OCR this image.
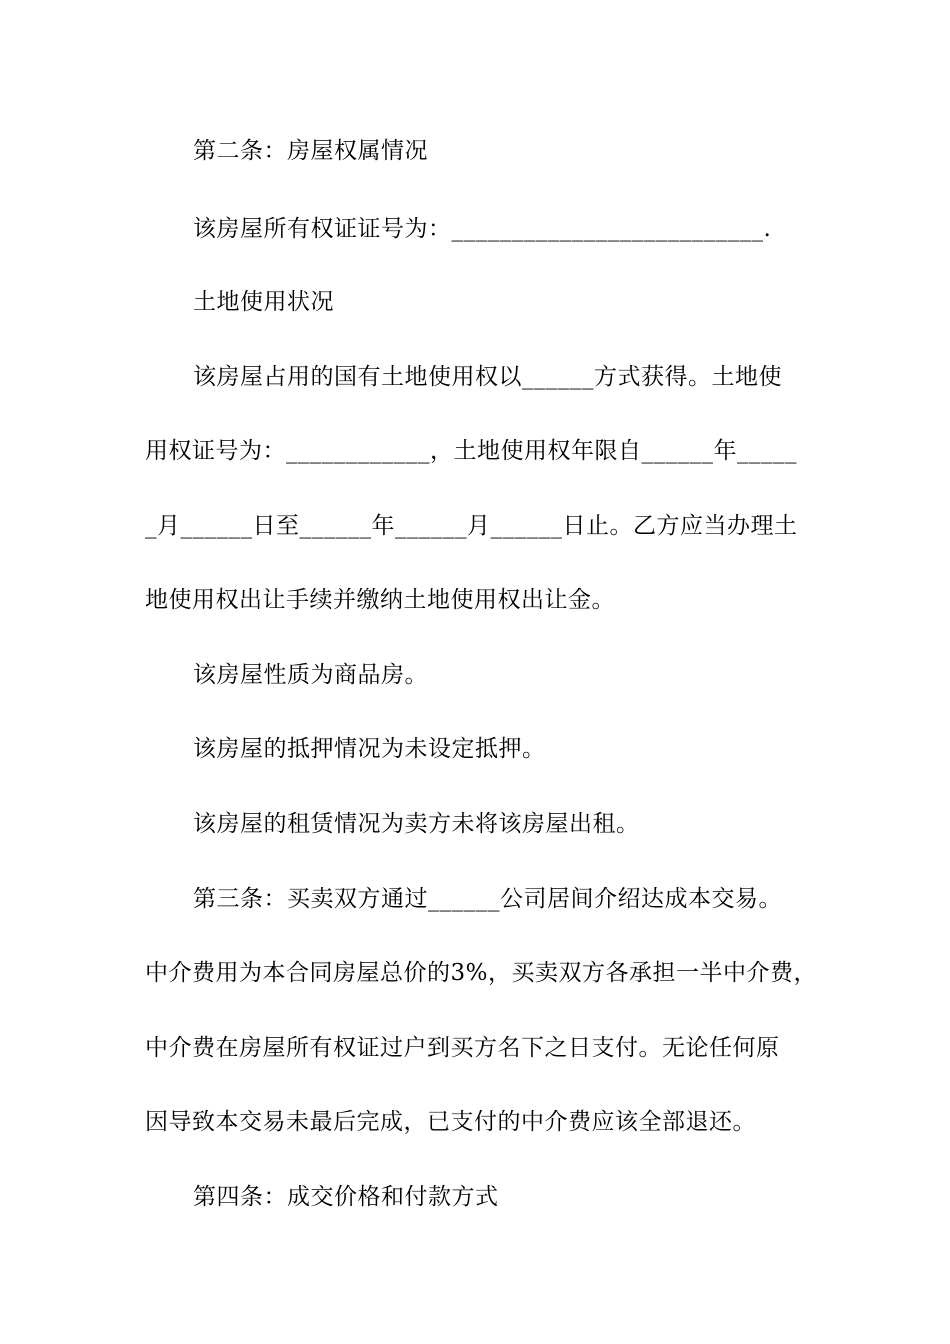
第二条：房屋权属情况
该房屋所有权证证号为：__________________________.
土地使用状况
该房屋占用的国有土地使用权以______方式获得。土地使
用权证号为：____________，土地使用权年限自______年_____
_月______日至______年______月______日止。乙方应当办理土
地使用权出让手续并缴纳土地使用权出让金。
该房屋性质为商品房。
该房屋的抵押情况为未设定抵押。
该房屋的租赁情况为卖方未将该房屋出租。
第三条：买卖双方通过______公司居间介绍达成本交易。
中介费用为本合同房屋总价的3%，买卖双方各承担一半中介费，
中介费在房屋所有权证过户到买方名下之日支付。无论任何原
因导致本交易未最后完成，已支付的中介费应该全部退还。
第四条：成交价格和付款方式
